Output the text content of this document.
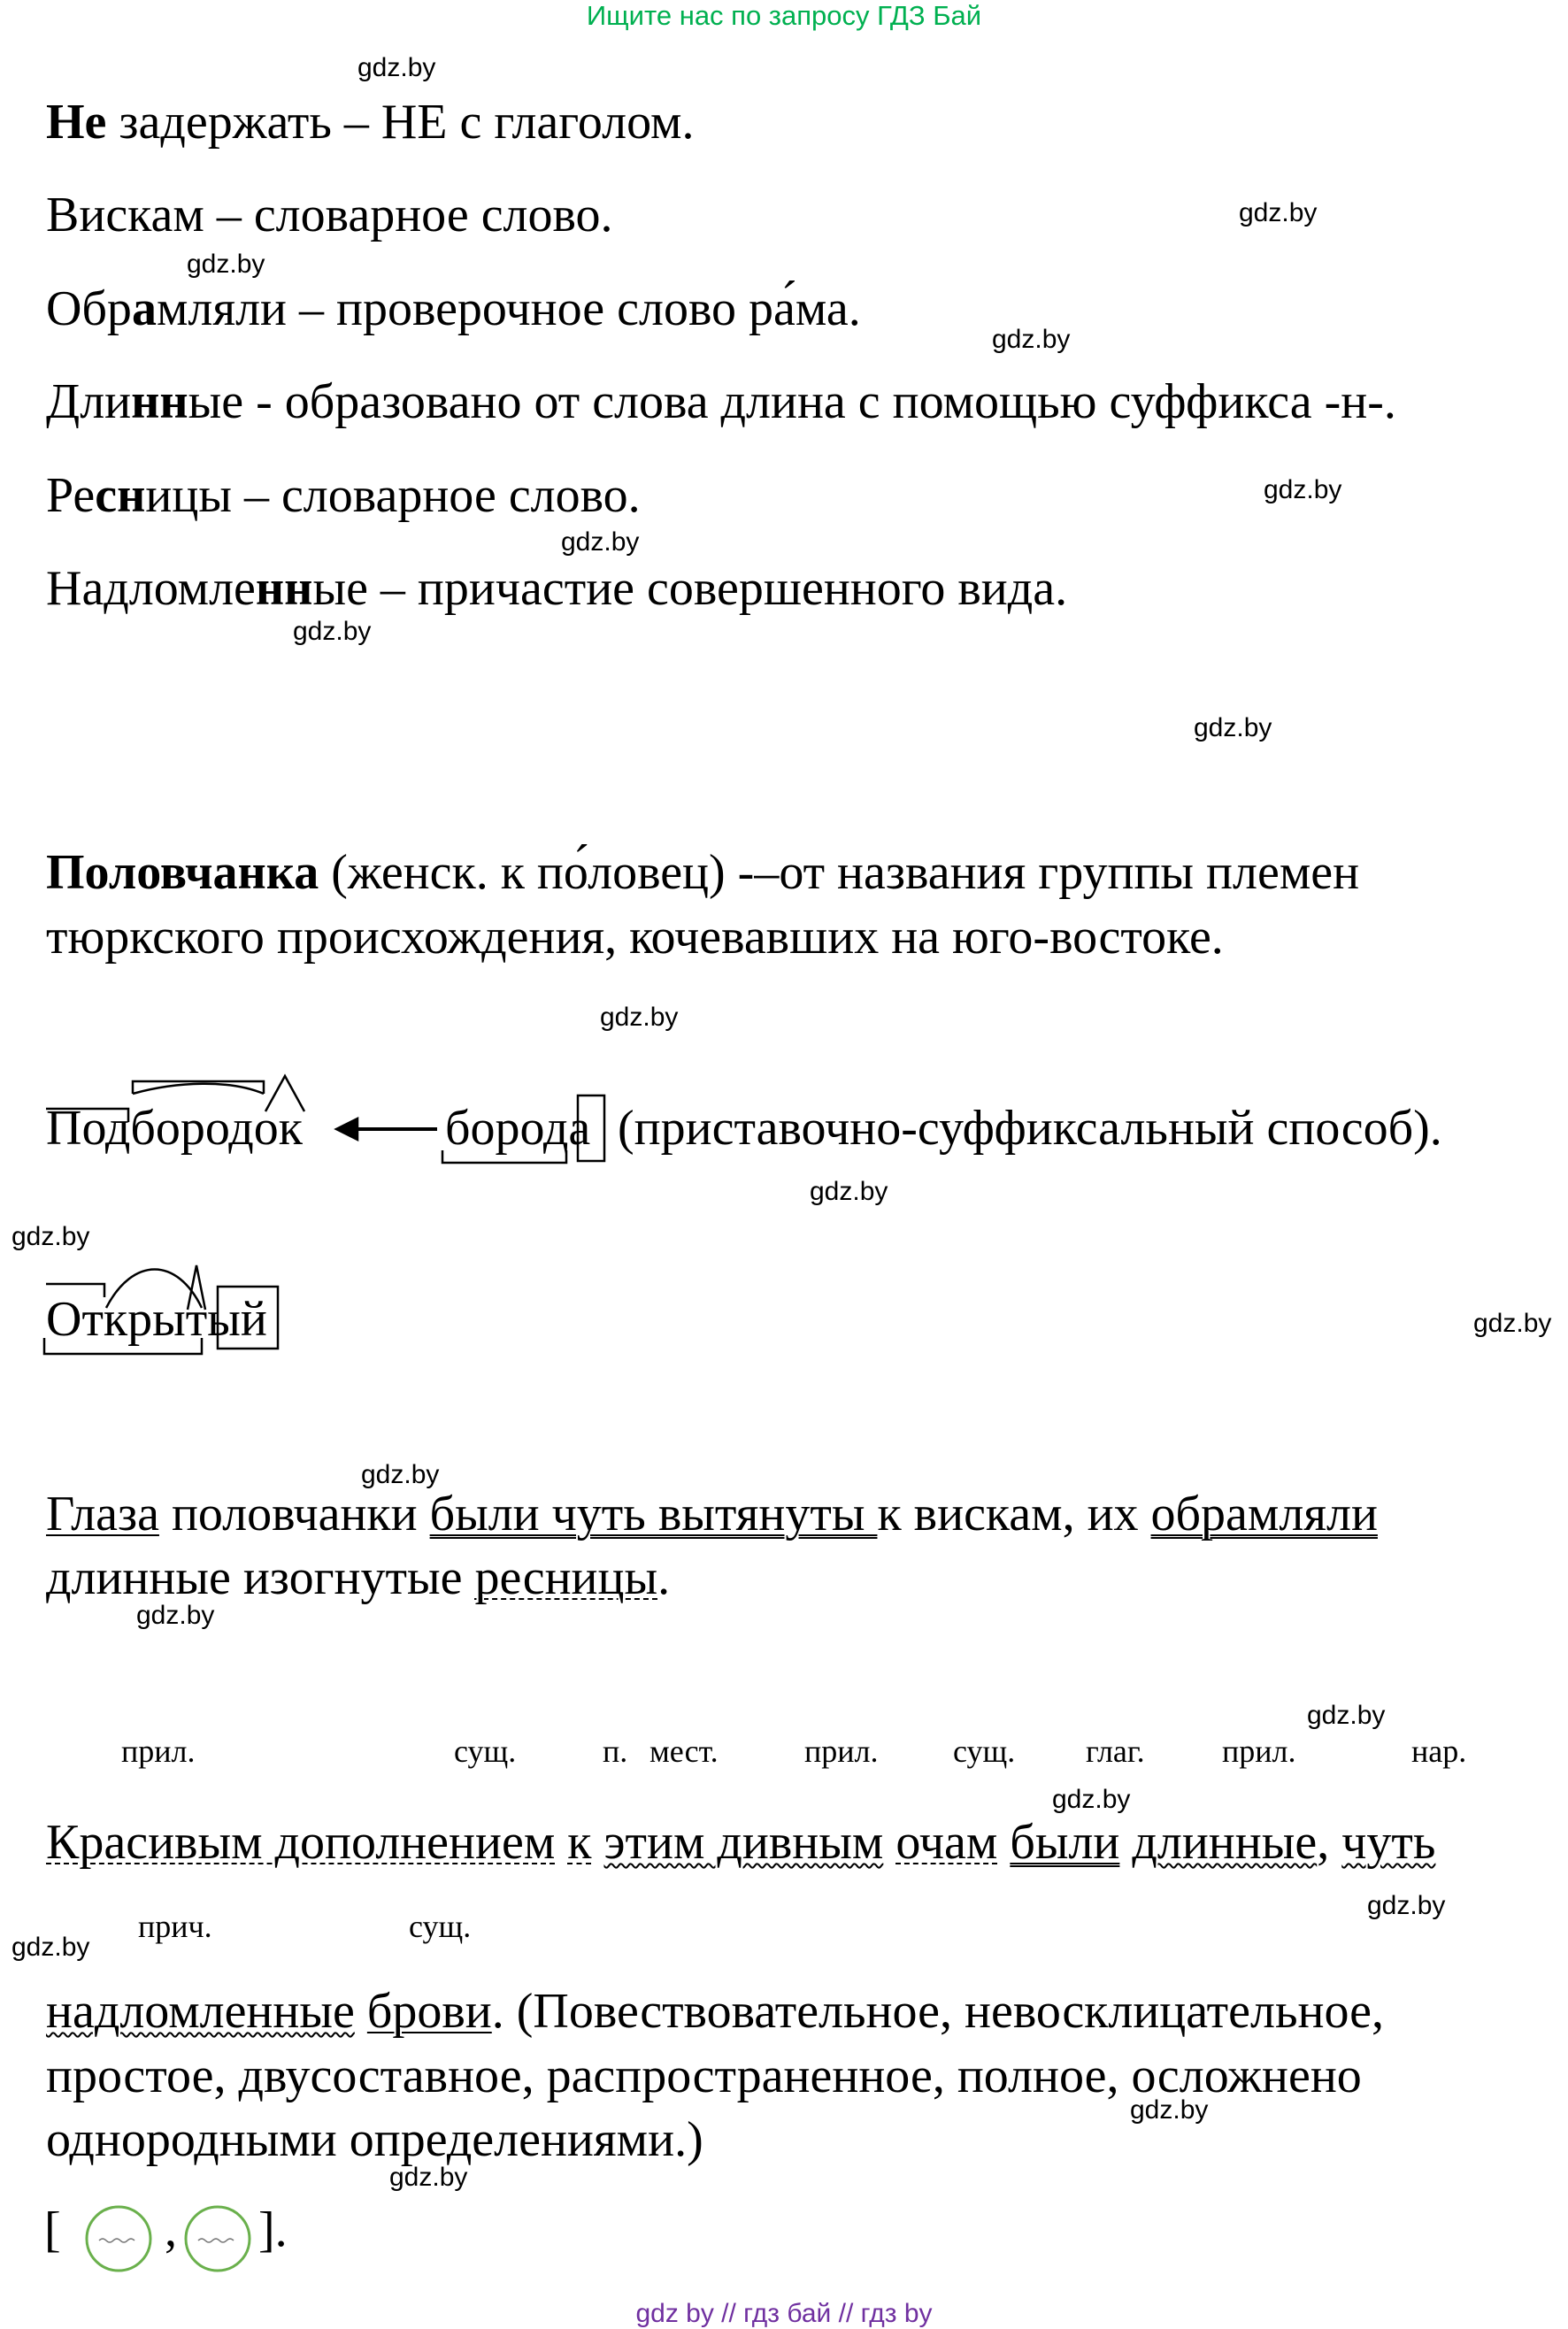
Ищите нас по запросу ГДЗ Бай
gdz.by
gdz.by
gdz.by
gdz.by
gdz.by
gdz.by
gdz.by
gdz.by
gdz.by
gdz.by
gdz.by
gdz.by
gdz.by
gdz.by
gdz.by
gdz.by
gdz.by
gdz.by
gdz.by
gdz.by
Не задержать – НЕ с глаголом.
Вискам – словарное слово.
Обрамляли – проверочное слово ра́ма.
Длинные - образовано от слова длина с помощью суффикса -н-.
Ресницы – словарное слово.
Надломленные – причастие совершенного вида.
Половчанка (женск. к по́ловец) -–от названия группы племен
тюркского происхождения, кочевавших на юго-востоке.
Подбородок	борода (приставочно-суффиксальный способ).
Открытый
Глаза половчанки были чуть вытянуты к вискам, их обрамляли
длинные изогнутые ресницы.
прил.	сущ.	п. мест.	прил. сущ. глаг. прил.	нар.
Красивым дополнением к этим дивным очам были длинные, чуть
прич.	сущ.
надломленные брови. (Повествовательное, невосклицательное,
простое, двусоставное, распространенное, полное, осложнено
однородными определениями.)
[ , ].
gdz by // гдз бай // гдз by
